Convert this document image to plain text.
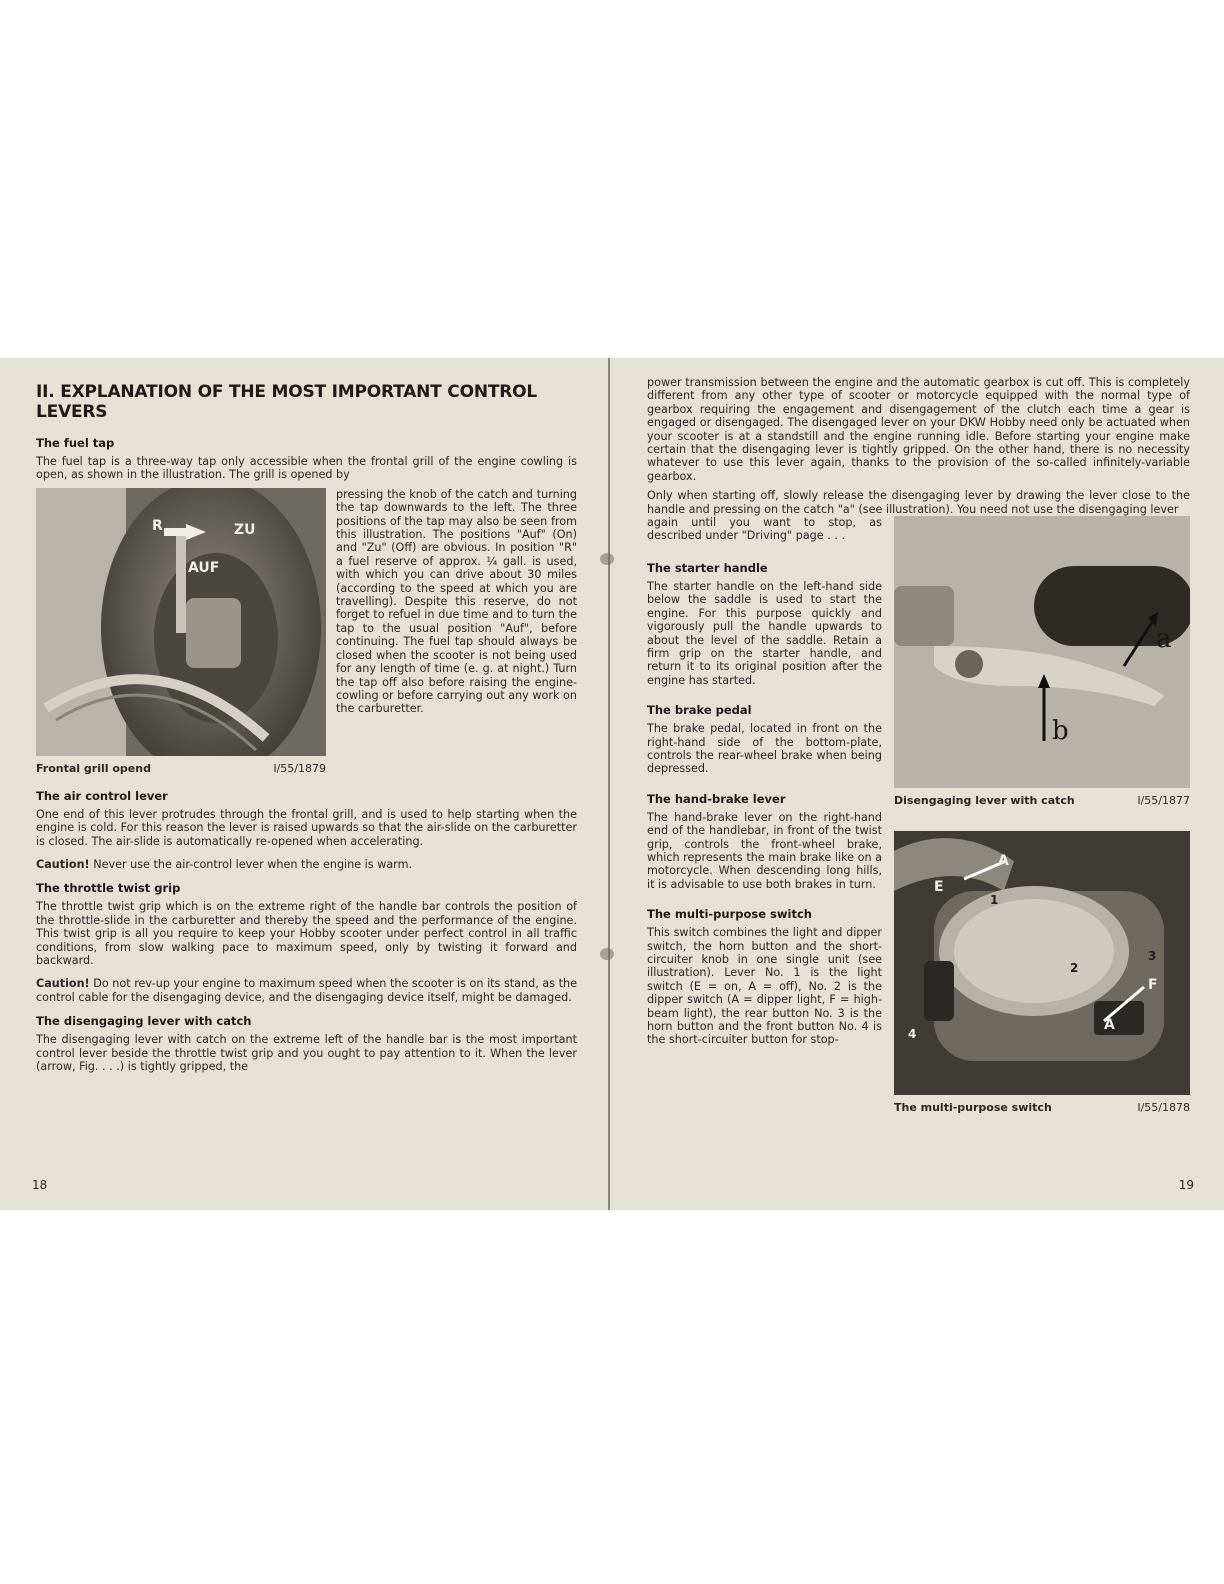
II. EXPLANATION OF THE MOST IMPORTANT CONTROL LEVERS
The fuel tap

The fuel tap is a three-way tap only accessible when the frontal grill of the engine cowling is open, as shown in the illustration. The grill is opened by

R	ZU
AUF
Frontal grill opend	I/55/1879

pressing the knob of the catch and turning the tap downwards to the left. The three positions of the tap may also be seen from this illustration. The positions "Auf" (On) and "Zu" (Off) are obvious. In position "R" a fuel reserve of approx. ¼ gall. is used, with which you can drive about 30 miles (according to the speed at which you are travelling). Despite this reserve, do not forget to refuel in due time and to turn the tap to the usual position "Auf", before continuing. The fuel tap should always be closed when the scooter is not being used for any length of time (e. g. at night.) Turn the tap off also before raising the engine-cowling or before carrying out any work on the carburetter.

The air control lever

One end of this lever protrudes through the frontal grill, and is used to help starting when the engine is cold. For this reason the lever is raised upwards so that the air-slide on the carburetter is closed. The air-slide is automatically re-opened when accelerating.

Caution! Never use the air-control lever when the engine is warm.

The throttle twist grip

The throttle twist grip which is on the extreme right of the handle bar controls the position of the throttle-slide in the carburetter and thereby the speed and the performance of the engine. This twist grip is all you require to keep your Hobby scooter under perfect control in all traffic conditions, from slow walking pace to maximum speed, only by twisting it forward and backward.

Caution! Do not rev-up your engine to maximum speed when the scooter is on its stand, as the control cable for the disengaging device, and the disengaging device itself, might be damaged.

The disengaging lever with catch

The disengaging lever with catch on the extreme left of the handle bar is the most important control lever beside the throttle twist grip and you ought to pay attention to it. When the lever (arrow, Fig. . . .) is tightly gripped, the

18

power transmission between the engine and the automatic gearbox is cut off. This is completely different from any other type of scooter or motorcycle equipped with the normal type of gearbox requiring the engagement and disengagement of the clutch each time a gear is engaged or disengaged. The disengaged lever on your DKW Hobby need only be actuated when your scooter is at a standstill and the engine running idle. Before starting your engine make certain that the disengaging lever is tightly gripped. On the other hand, there is no necessity whatever to use this lever again, thanks to the provision of the so-called infinitely-variable gearbox.

Only when starting off, slowly release the disengaging lever by drawing the lever close to the handle and pressing on the catch "a" (see illustration). You need not use the disengaging lever

a
b
Disengaging lever with catch	I/55/1877

again until you want to stop, as described under "Driving" page . . .

The starter handle

The starter handle on the left-hand side below the saddle is used to start the engine. For this purpose quickly and vigorously pull the handle upwards to about the level of the saddle. Retain a firm grip on the starter handle, and return it to its original position after the engine has started.

The brake pedal

The brake pedal, located in front on the right-hand side of the bottom-plate, controls the rear-wheel brake when being depressed.

E
A
1
2
3
F
A
4
The multi-purpose switch	I/55/1878
The hand-brake lever

The hand-brake lever on the right-hand end of the handlebar, in front of the twist grip, controls the front-wheel brake, which represents the main brake like on a motorcycle. When descending long hills, it is advisable to use both brakes in turn.

The multi-purpose switch

This switch combines the light and dipper switch, the horn button and the short-circuiter knob in one single unit (see illustration). Lever No. 1 is the light switch (E = on, A = off), No. 2 is the dipper switch (A = dipper light, F = high-beam light), the rear button No. 3 is the horn button and the front button No. 4 is the short-circuiter button for stop-

19
